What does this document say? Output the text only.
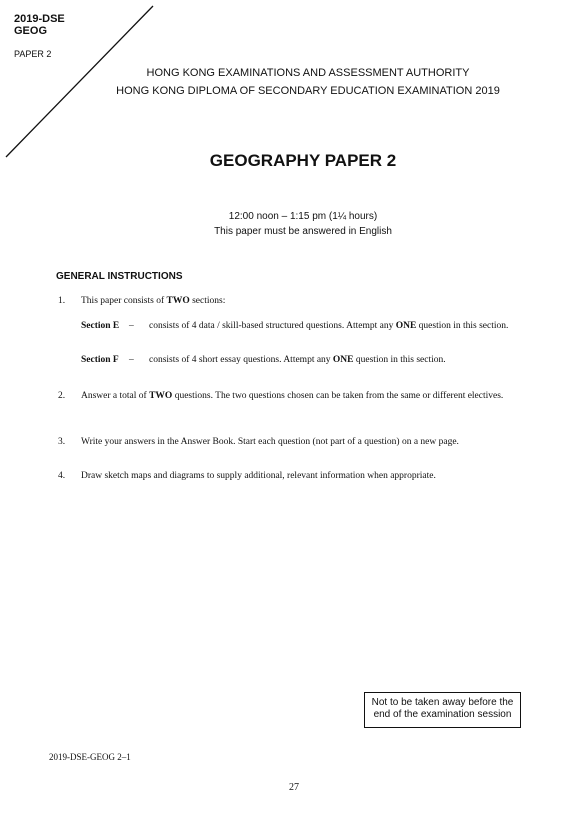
2019-DSE
GEOG
PAPER 2
HONG KONG EXAMINATIONS AND ASSESSMENT AUTHORITY
HONG KONG DIPLOMA OF SECONDARY EDUCATION EXAMINATION 2019
GEOGRAPHY PAPER 2
12:00 noon – 1:15 pm (1¼ hours)
This paper must be answered in English
GENERAL INSTRUCTIONS
1. This paper consists of TWO sections:
Section E – consists of 4 data / skill-based structured questions. Attempt any ONE question in this section.
Section F – consists of 4 short essay questions. Attempt any ONE question in this section.
2. Answer a total of TWO questions. The two questions chosen can be taken from the same or different electives.
3. Write your answers in the Answer Book. Start each question (not part of a question) on a new page.
4. Draw sketch maps and diagrams to supply additional, relevant information when appropriate.
Not to be taken away before the
end of the examination session
2019-DSE-GEOG 2–1
27
